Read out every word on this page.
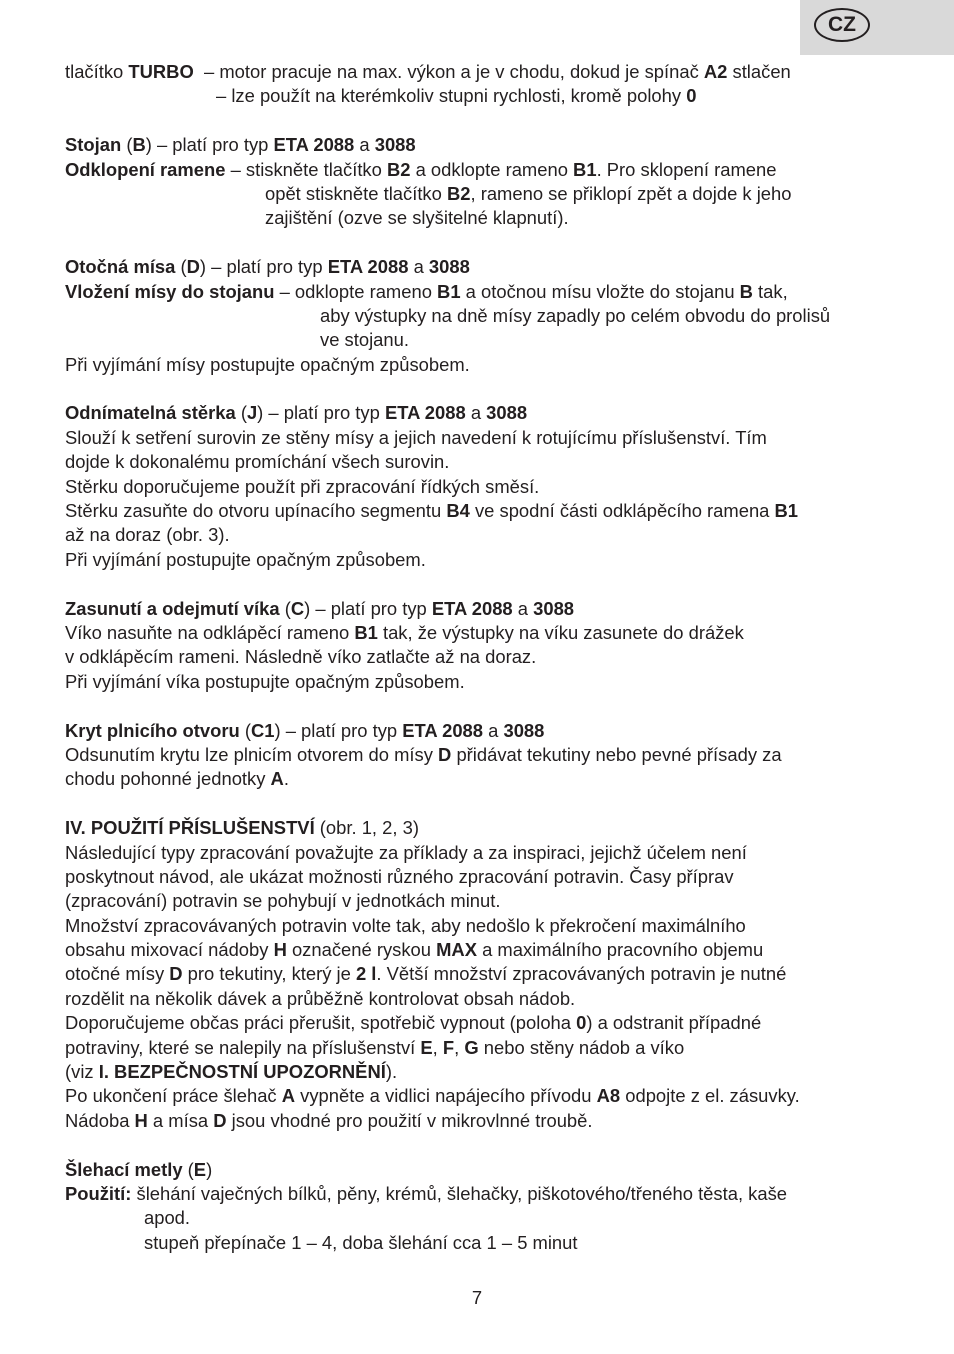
CZ
tlačítko TURBO  – motor pracuje na max. výkon a je v chodu, dokud je spínač A2 stlačen
– lze použít na kterémkoliv stupni rychlosti, kromě polohy 0
Stojan (B) – platí pro typ ETA 2088 a 3088
Odklopení ramene – stiskněte tlačítko B2 a odklopte rameno B1. Pro sklopení ramene
opět stiskněte tlačítko B2, rameno se přiklopí zpět a dojde k jeho
zajištění (ozve se slyšitelné klapnutí).
Otočná mísa (D) – platí pro typ ETA 2088 a 3088
Vložení mísy do stojanu – odklopte rameno B1 a otočnou mísu vložte do stojanu B tak,
aby výstupky na dně mísy zapadly po celém obvodu do prolisů
ve stojanu.
Při vyjímání mísy postupujte opačným způsobem.
Odnímatelná stěrka (J) – platí pro typ ETA 2088 a 3088
Slouží k setření surovin ze stěny mísy a jejich navedení k rotujícímu příslušenství. Tím
dojde k dokonalému promíchání všech surovin.
Stěrku doporučujeme použít při zpracování řídkých směsí.
Stěrku zasuňte do otvoru upínacího segmentu B4 ve spodní části odklápěcího ramena B1
až na doraz (obr. 3).
Při vyjímání postupujte opačným způsobem.
Zasunutí a odejmutí víka (C) – platí pro typ ETA 2088 a 3088
Víko nasuňte na odklápěcí rameno B1 tak, že výstupky na víku zasunete do drážek
v odklápěcím rameni. Následně víko zatlačte až na doraz.
Při vyjímání víka postupujte opačným způsobem.
Kryt plnicího otvoru (C1) – platí pro typ ETA 2088 a 3088
Odsunutím krytu lze plnicím otvorem do mísy D přidávat tekutiny nebo pevné přísady za
chodu pohonné jednotky A.
IV. POUŽITÍ PŘÍSLUŠENSTVÍ (obr. 1, 2, 3)
Následující typy zpracování považujte za příklady a za inspiraci, jejichž účelem není
poskytnout návod, ale ukázat možnosti různého zpracování potravin. Časy příprav
(zpracování) potravin se pohybují v jednotkách minut.
Množství zpracovávaných potravin volte tak, aby nedošlo k překročení maximálního
obsahu mixovací nádoby H označené ryskou MAX a maximálního pracovního objemu
otočné mísy D pro tekutiny, který je 2 l. Větší množství zpracovávaných potravin je nutné
rozdělit na několik dávek a průběžně kontrolovat obsah nádob.
Doporučujeme občas práci přerušit, spotřebič vypnout (poloha 0) a odstranit případné
potraviny, které se nalepily na příslušenství E, F, G nebo stěny nádob a víko
(viz I. BEZPEČNOSTNÍ UPOZORNĚNÍ).
Po ukončení práce šlehač A vypněte a vidlici napájecího přívodu A8 odpojte z el. zásuvky.
Nádoba H a mísa D jsou vhodné pro použití v mikrovlnné troubě.
Šlehací metly (E)
Použití: šlehání vaječných bílků, pěny, krémů, šlehačky, piškotového/třeného těsta, kaše
apod.
stupeň přepínače 1 – 4, doba šlehání cca 1 – 5 minut
7
